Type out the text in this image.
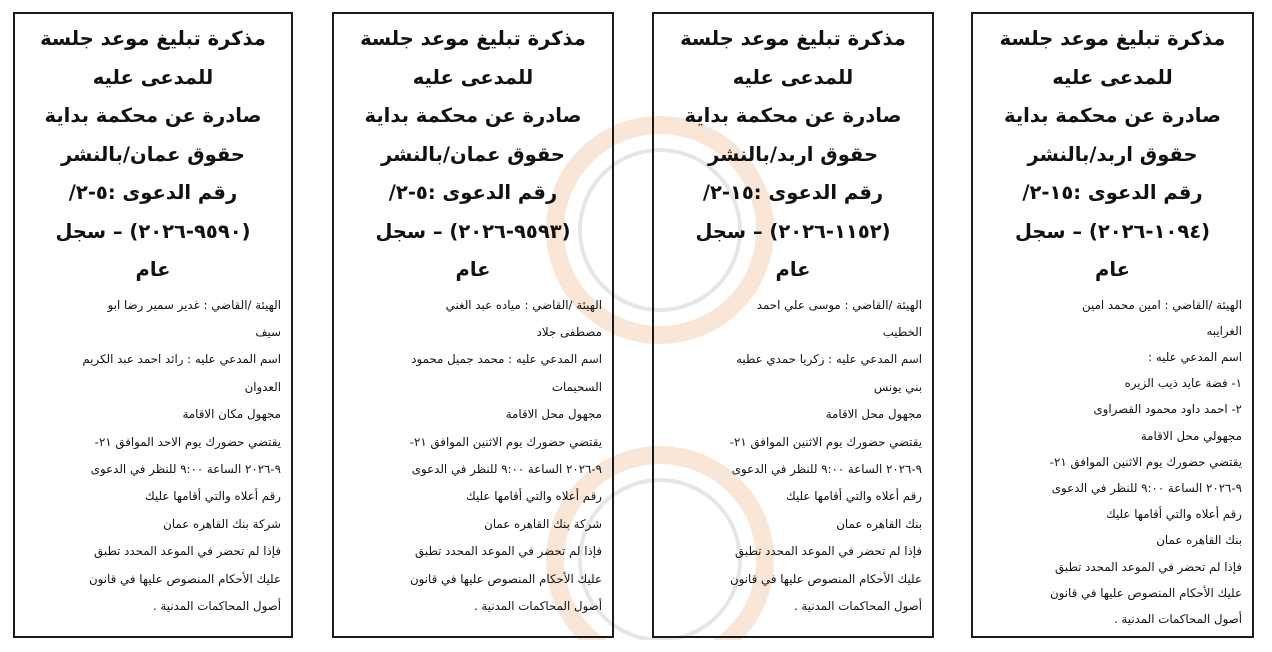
مذكرة تبليغ موعد جلسة
للمدعى عليه
صادرة عن محكمة بداية
حقوق اربد/بالنشر
رقم الدعوى :١٥-٢/
(١٠٩٤-٢٠٢٦) – سجل
عام
الهيئة /القاضي : امين محمد امين
الغرايبه
اسم المدعي عليه :
١- فضة عايد ذيب الزيره
٢- احمد داود محمود القصراوى
مجهولي محل الاقامة
يقتضي حضورك يوم الاثنين الموافق ٢١-
٩-٢٠٢٦ الساعة ٩:٠٠ للنظر في الدعوى
رقم أعلاه والتي أقامها عليك
بنك القاهره عمان
فإذا لم تحضر في الموعد المحدد تطبق
عليك الأحكام المنصوص عليها في قانون
أصول المحاكمات المدنية .
مذكرة تبليغ موعد جلسة
للمدعى عليه
صادرة عن محكمة بداية
حقوق اربد/بالنشر
رقم الدعوى :١٥-٢/
(١١٥٢-٢٠٢٦) – سجل
عام
الهيئة /القاضي : موسى علي احمد
الخطيب
اسم المدعي عليه : زكريا حمدي عطيه
بني يونس
مجهول محل الاقامة
يقتضي حضورك يوم الاثنين الموافق ٢١-
٩-٢٠٢٦ الساعة ٩:٠٠ للنظر في الدعوى
رقم أعلاه والتي أقامها عليك
بنك القاهره عمان
فإذا لم تحضر في الموعد المحدد تطبق
عليك الأحكام المنصوص عليها في قانون
أصول المحاكمات المدنية .
مذكرة تبليغ موعد جلسة
للمدعى عليه
صادرة عن محكمة بداية
حقوق عمان/بالنشر
رقم الدعوى :٥-٢/
(٩٥٩٣-٢٠٢٦) – سجل
عام
الهيئة /القاضي : مياده عبد الغني
مصطفى جلاد
اسم المدعي عليه : محمد جميل محمود
السحيمات
مجهول محل الاقامة
يقتضي حضورك يوم الاثنين الموافق ٢١-
٩-٢٠٢٦ الساعة ٩:٠٠ للنظر في الدعوى
رقم أعلاه والتي أقامها عليك
شركة بنك القاهره عمان
فإذا لم تحضر في الموعد المحدد تطبق
عليك الأحكام المنصوص عليها في قانون
أصول المحاكمات المدنية .
مذكرة تبليغ موعد جلسة
للمدعى عليه
صادرة عن محكمة بداية
حقوق عمان/بالنشر
رقم الدعوى :٥-٢/
(٩٥٩٠-٢٠٢٦) – سجل
عام
الهيئة /القاضي : غدير سمير رضا ابو
سيف
اسم المدعي عليه : رائد احمد عبد الكريم
العدوان
مجهول مكان الاقامة
يقتضي حضورك يوم الاحد الموافق ٢١-
٩-٢٠٢٦ الساعة ٩:٠٠ للنظر في الدعوى
رقم أعلاه والتي أقامها عليك
شركة بنك القاهره عمان
فإذا لم تحضر في الموعد المحدد تطبق
عليك الأحكام المنصوص عليها في قانون
أصول المحاكمات المدنية .
